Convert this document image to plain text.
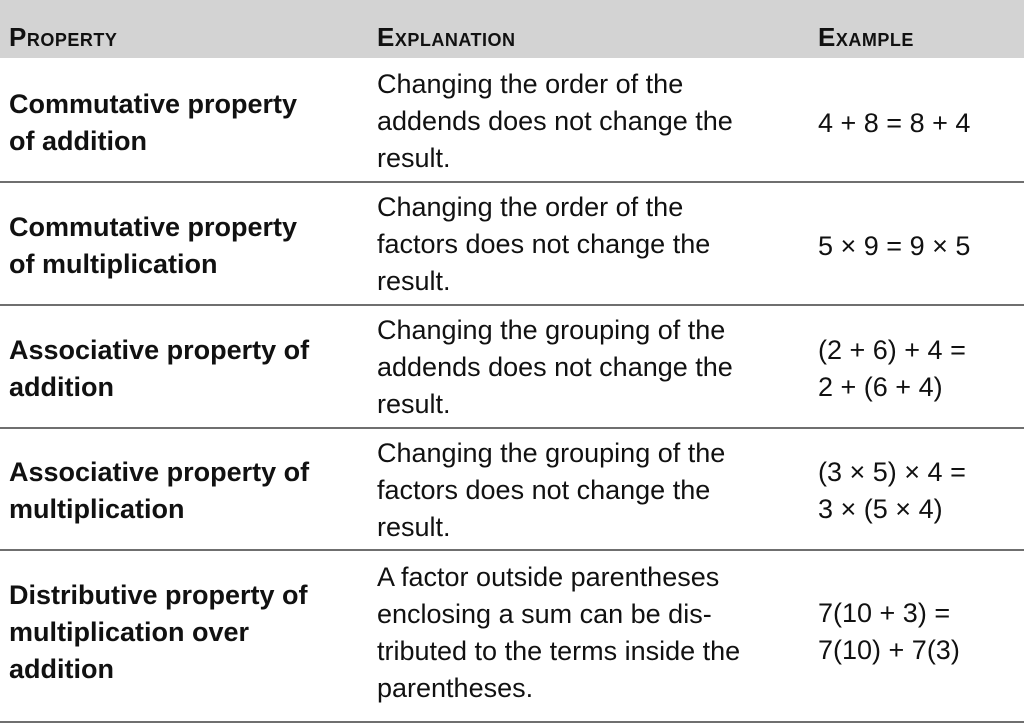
Property	Explanation	Example
Commutative property
of addition
Changing the order of the
addends does not change the
result.
4 + 8 = 8 + 4
Commutative property
of multiplication
Changing the order of the
factors does not change the
result.
5 × 9 = 9 × 5
Associative property of
addition
Changing the grouping of the
addends does not change the
result.
(2 + 6) + 4 =
2 + (6 + 4)
Associative property of
multiplication
Changing the grouping of the
factors does not change the
result.
(3 × 5) × 4 =
3 × (5 × 4)
Distributive property of
multiplication over
addition
A factor outside parentheses
enclosing a sum can be dis-
tributed to the terms inside the
parentheses.
7(10 + 3) =
7(10) + 7(3)
